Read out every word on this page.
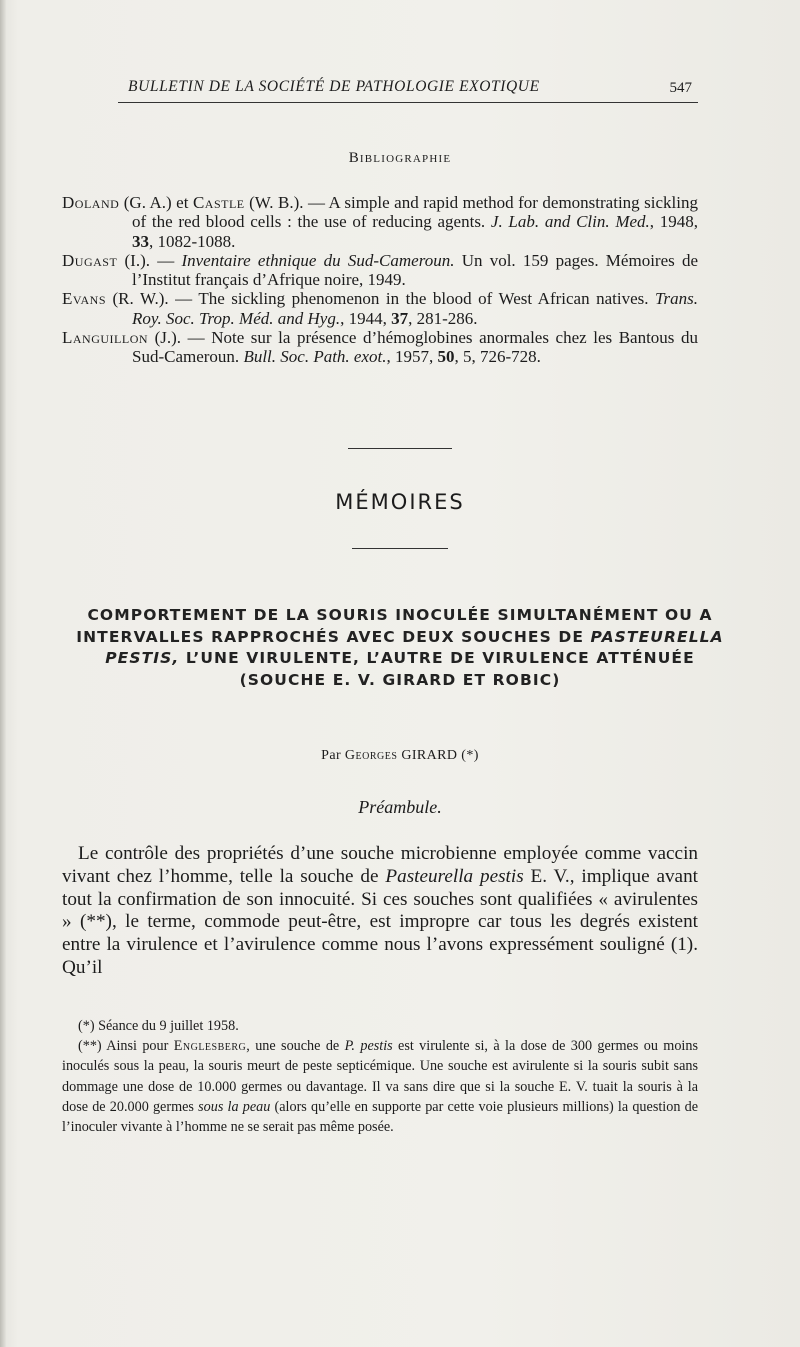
BULLETIN DE LA SOCIÉTÉ DE PATHOLOGIE EXOTIQUE	547
Bibliographie

Doland (G. A.) et Castle (W. B.). — A simple and rapid method for demonstrating sickling of the red blood cells : the use of reducing agents. J. Lab. and Clin. Med., 1948, 33, 1082-1088.

Dugast (I.). — Inventaire ethnique du Sud-Cameroun. Un vol. 159 pages. Mémoires de l’Institut français d’Afrique noire, 1949.

Evans (R. W.). — The sickling phenomenon in the blood of West African natives. Trans. Roy. Soc. Trop. Méd. and Hyg., 1944, 37, 281-286.

Languillon (J.). — Note sur la présence d’hémoglobines anormales chez les Bantous du Sud-Cameroun. Bull. Soc. Path. exot., 1957, 50, 5, 726-728.

MÉMOIRES
COMPORTEMENT DE LA SOURIS INOCULÉE SIMULTANÉMENT OU A INTERVALLES RAPPROCHÉS AVEC DEUX SOUCHES DE PASTEURELLA PESTIS, L’UNE VIRULENTE, L’AUTRE DE VIRULENCE ATTÉNUÉE (SOUCHE E. V. GIRARD ET ROBIC)
Par Georges GIRARD (*)
Préambule.

Le contrôle des propriétés d’une souche microbienne employée comme vaccin vivant chez l’homme, telle la souche de Pasteurella pestis E. V., implique avant tout la confirmation de son innocuité. Si ces souches sont qualifiées « avirulentes » (**), le terme, commode peut-être, est impropre car tous les degrés existent entre la virulence et l’avirulence comme nous l’avons expressément souligné (1). Qu’il

(*) Séance du 9 juillet 1958.

(**) Ainsi pour Englesberg, une souche de P. pestis est virulente si, à la dose de 300 germes ou moins inoculés sous la peau, la souris meurt de peste septicémique. Une souche est avirulente si la souris subit sans dommage une dose de 10.000 germes ou davantage. Il va sans dire que si la souche E. V. tuait la souris à la dose de 20.000 germes sous la peau (alors qu’elle en supporte par cette voie plusieurs millions) la question de l’inoculer vivante à l’homme ne se serait pas même posée.
